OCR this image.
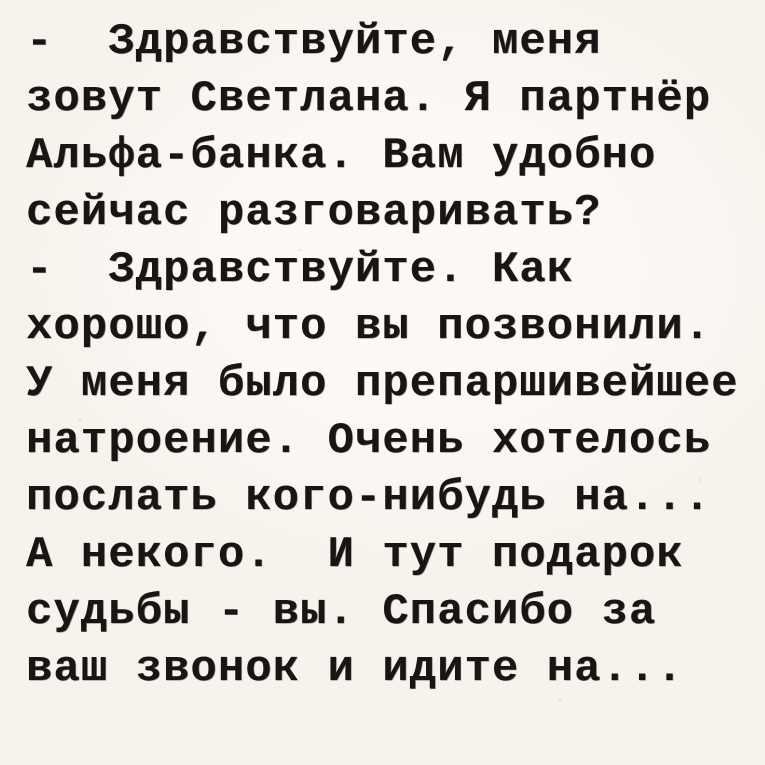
-  Здравствуйте, меня
зовут Светлана. Я партнёр
Альфа-банка. Вам удобно
сейчас разговаривать?
-  Здравствуйте. Как
хорошо, что вы позвонили.
У меня было препаршивейшее
натроение. Очень хотелось
послать кого-нибудь на...
А некого.  И тут подарок
судьбы - вы. Спасибо за
ваш звонок и идите на...
